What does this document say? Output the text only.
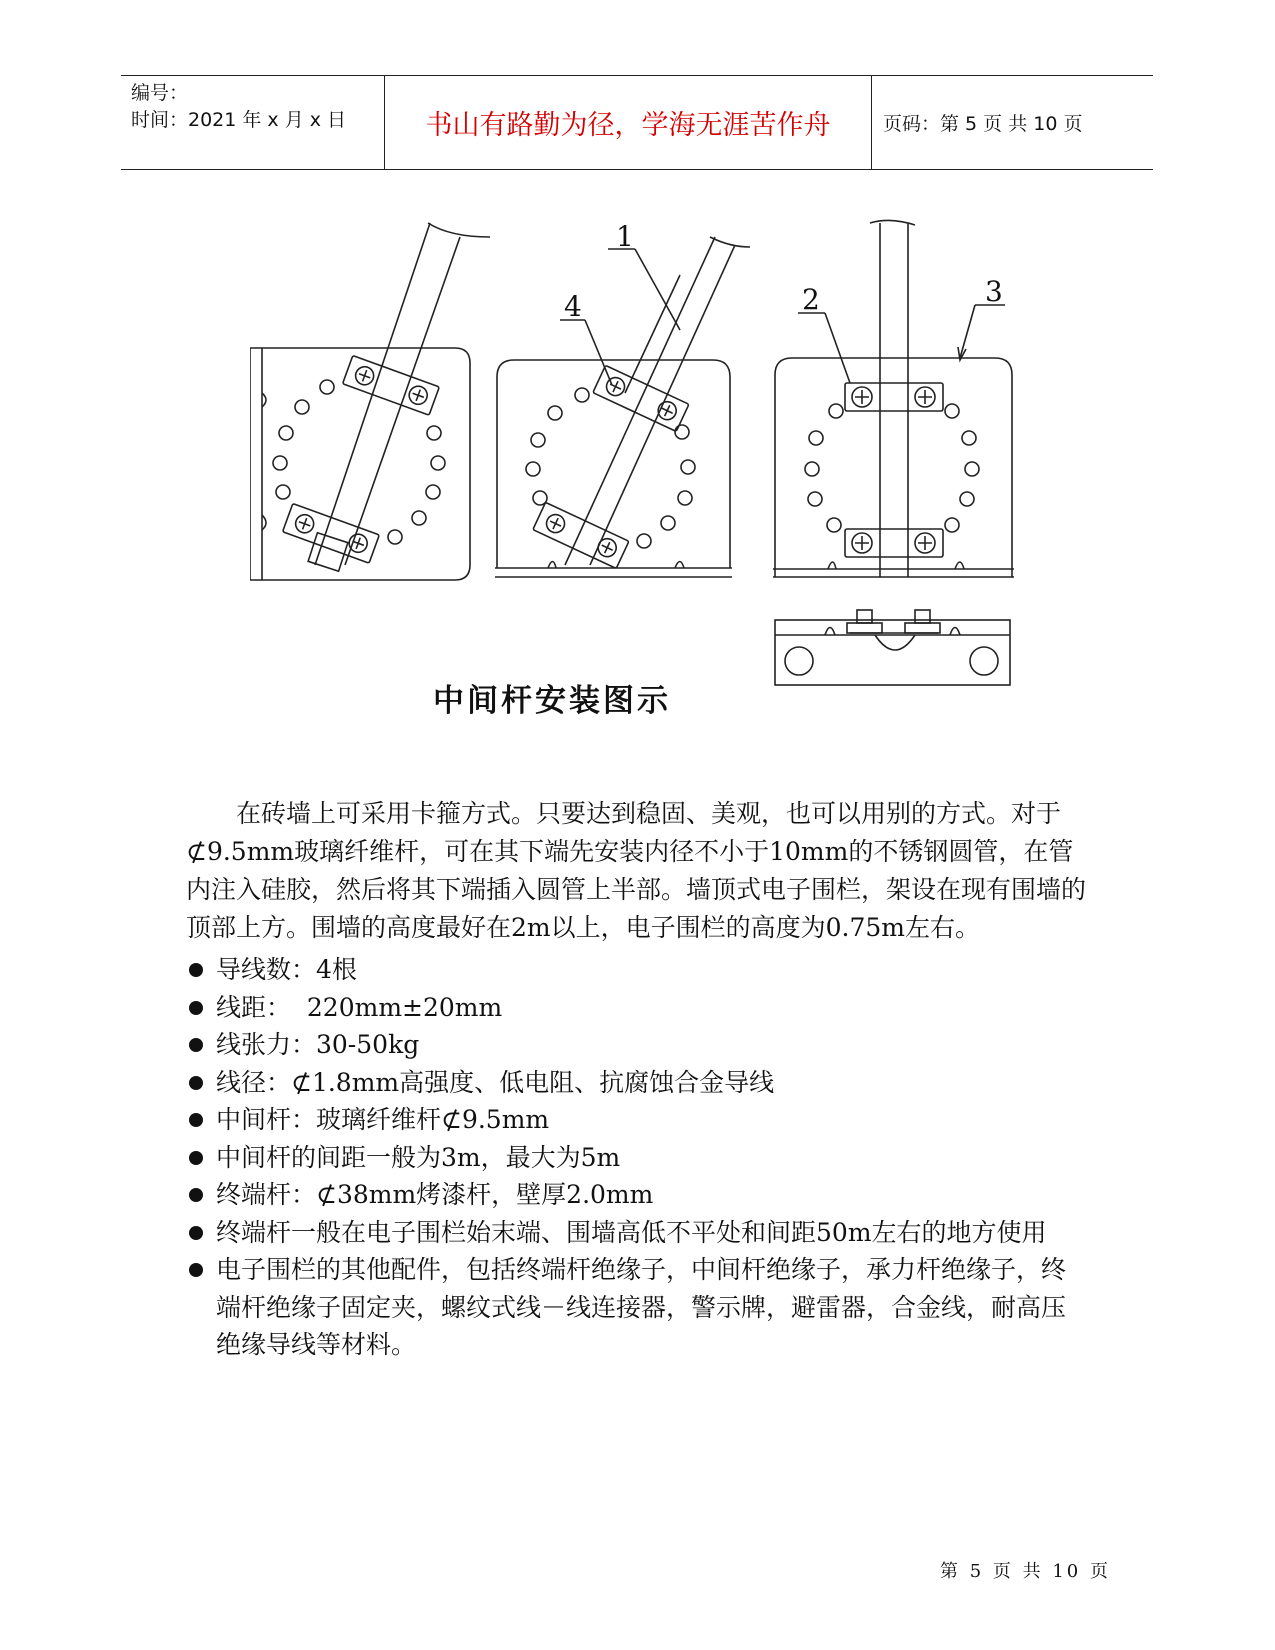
编号：
时间：2021 年 x 月 x 日	书山有路勤为径，学海无涯苦作舟	页码：第 5 页 共 10 页
1
4	2	3
中间杆安装图示

在砖墙上可采用卡箍方式。只要达到稳固、美观，也可以用别的方式。对于⊄9.5mm玻璃纤维杆，可在其下端先安装内径不小于10mm的不锈钢圆管，在管内注入硅胶，然后将其下端插入圆管上半部。墙顶式电子围栏，架设在现有围墙的顶部上方。围墙的高度最好在2m以上，电子围栏的高度为0.75m左右。

导线数：4根
线距：  220mm±20mm
线张力：30-50kg
线径：⊄1.8mm高强度、低电阻、抗腐蚀合金导线
中间杆：玻璃纤维杆⊄9.5mm
中间杆的间距一般为3m，最大为5m
终端杆：⊄38mm烤漆杆，壁厚2.0mm
终端杆一般在电子围栏始末端、围墙高低不平处和间距50m左右的地方使用
电子围栏的其他配件，包括终端杆绝缘子，中间杆绝缘子，承力杆绝缘子，终端杆绝缘子固定夹，螺纹式线－线连接器，警示牌，避雷器，合金线，耐高压绝缘导线等材料。
第 5 页 共 10 页
